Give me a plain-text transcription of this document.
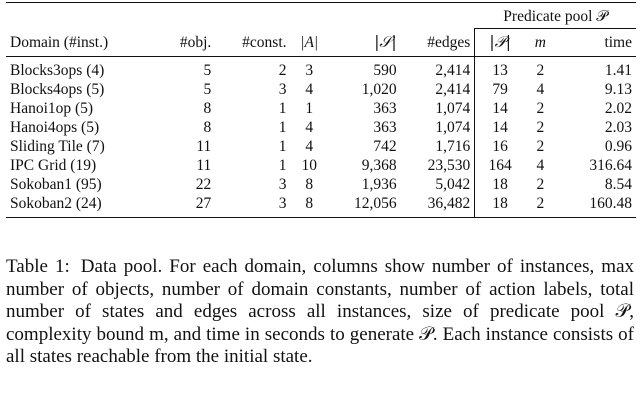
						Predicate pool 𝒫		
Domain (#inst.)	#obj.	#const.	|A|	|𝒮|	#edges	|𝒫|	m	time
Blocks3ops (4)	5	2	3	590	2,414	13	2	1.41
Blocks4ops (5)	5	3	4	1,020	2,414	79	4	9.13
Hanoi1op (5)	8	1	1	363	1,074	14	2	2.02
Hanoi4ops (5)	8	1	4	363	1,074	14	2	2.03
Sliding Tile (7)	11	1	4	742	1,716	16	2	0.96
IPC Grid (19)	11	1	10	9,368	23,530	164	4	316.64
Sokoban1 (95)	22	3	8	1,936	5,042	18	2	8.54
Sokoban2 (24)	27	3	8	12,056	36,482	18	2	160.48
Table 1: Data pool. For each domain, columns show number of instances, max number of objects, number of domain constants, number of action labels, total number of states and edges across all instances, size of predicate pool 𝒫, complexity bound m, and time in seconds to generate 𝒫. Each instance consists of all states reachable from the initial state.
